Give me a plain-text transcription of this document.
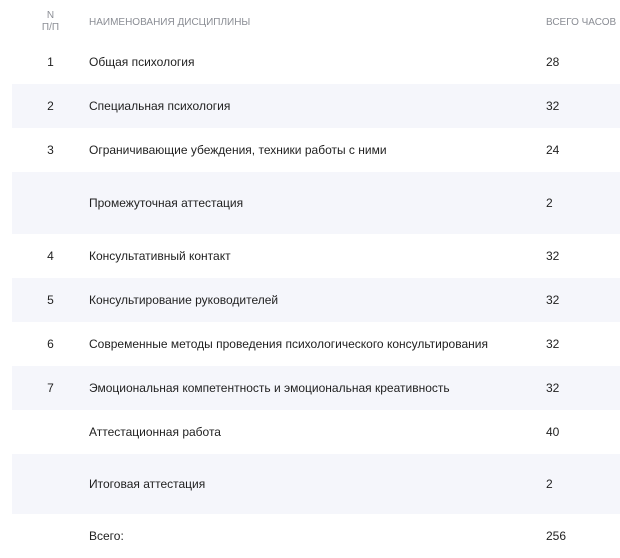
N
П/П	НАИМЕНОВАНИЯ ДИСЦИПЛИНЫ	ВСЕГО ЧАСОВ
1	Общая психология	28
2	Специальная психология	32
3	Ограничивающие убеждения, техники работы с ними	24
Промежуточная аттестация	2
4	Консультативный контакт	32
5	Консультирование руководителей	32
6	Современные методы проведения психологического консультирования	32
7	Эмоциональная компетентность и эмоциональная креативность	32
Аттестационная работа	40
Итоговая аттестация	2
Всего:	256
